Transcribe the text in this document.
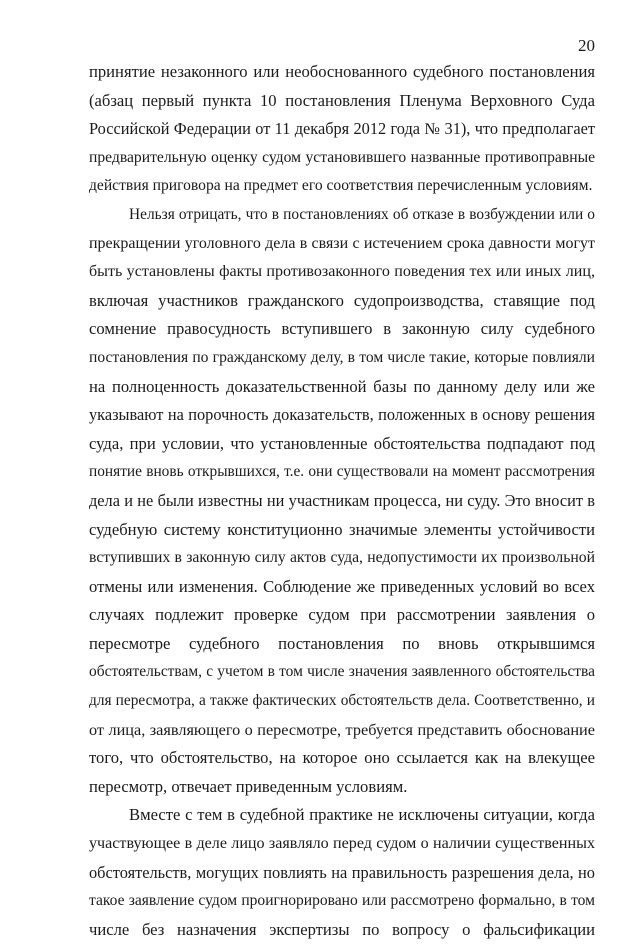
20
принятие незаконного или необоснованного судебного постановления
(абзац первый пункта 10 постановления Пленума Верховного Суда
Российской Федерации от 11 декабря 2012 года № 31), что предполагает
предварительную оценку судом установившего названные противоправные
действия приговора на предмет его соответствия перечисленным условиям.
Нельзя отрицать, что в постановлениях об отказе в возбуждении или о
прекращении уголовного дела в связи с истечением срока давности могут
быть установлены факты противозаконного поведения тех или иных лиц,
включая участников гражданского судопроизводства, ставящие под
сомнение правосудность вступившего в законную силу судебного
постановления по гражданскому делу, в том числе такие, которые повлияли
на полноценность доказательственной базы по данному делу или же
указывают на порочность доказательств, положенных в основу решения
суда, при условии, что установленные обстоятельства подпадают под
понятие вновь открывшихся, т.е. они существовали на момент рассмотрения
дела и не были известны ни участникам процесса, ни суду. Это вносит в
судебную систему конституционно значимые элементы устойчивости
вступивших в законную силу актов суда, недопустимости их произвольной
отмены или изменения. Соблюдение же приведенных условий во всех
случаях подлежит проверке судом при рассмотрении заявления о
пересмотре судебного постановления по вновь открывшимся
обстоятельствам, с учетом в том числе значения заявленного обстоятельства
для пересмотра, а также фактических обстоятельств дела. Соответственно, и
от лица, заявляющего о пересмотре, требуется представить обоснование
того, что обстоятельство, на которое оно ссылается как на влекущее
пересмотр, отвечает приведенным условиям.
Вместе с тем в судебной практике не исключены ситуации, когда
участвующее в деле лицо заявляло перед судом о наличии существенных
обстоятельств, могущих повлиять на правильность разрешения дела, но
такое заявление судом проигнорировано или рассмотрено формально, в том
числе без назначения экспертизы по вопросу о фальсификации
